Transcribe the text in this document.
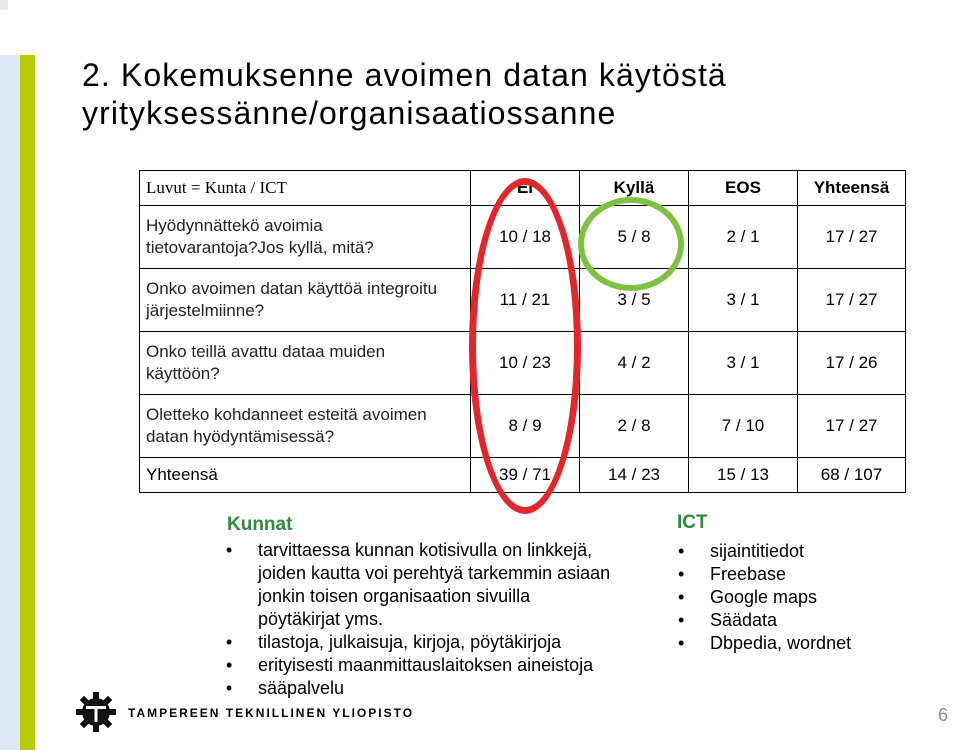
2. Kokemuksenne avoimen datan käytöstä
yrityksessänne/organisaatiossanne
Luvut = Kunta / ICT	Ei	Kyllä	EOS	Yhteensä
Hyödynnättekö avoimia
tietovarantoja?Jos kyllä, mitä?	10 / 18	5 / 8	2 / 1	17 / 27
Onko avoimen datan käyttöä integroitu
järjestelmiinne?	11 / 21	3 / 5	3 / 1	17 / 27
Onko teillä avattu dataa muiden
käyttöön?	10 / 23	4 / 2	3 / 1	17 / 26
Oletteko kohdanneet esteitä avoimen
datan hyödyntämisessä?	8 / 9	2 / 8	7 / 10	17 / 27
Yhteensä	39 / 71	14 / 23	15 / 13	68 / 107
Kunnat
• tarvittaessa kunnan kotisivulla on linkkejä,
joiden kautta voi perehtyä tarkemmin asiaan
jonkin toisen organisaation sivuilla
pöytäkirjat yms.
• tilastoja, julkaisuja, kirjoja, pöytäkirjoja
• erityisesti maanmittauslaitoksen aineistoja
• sääpalvelu
ICT
• sijaintitiedot
• Freebase
• Google maps
• Säädata
• Dbpedia, wordnet
TAMPEREEN TEKNILLINEN YLIOPISTO	6
